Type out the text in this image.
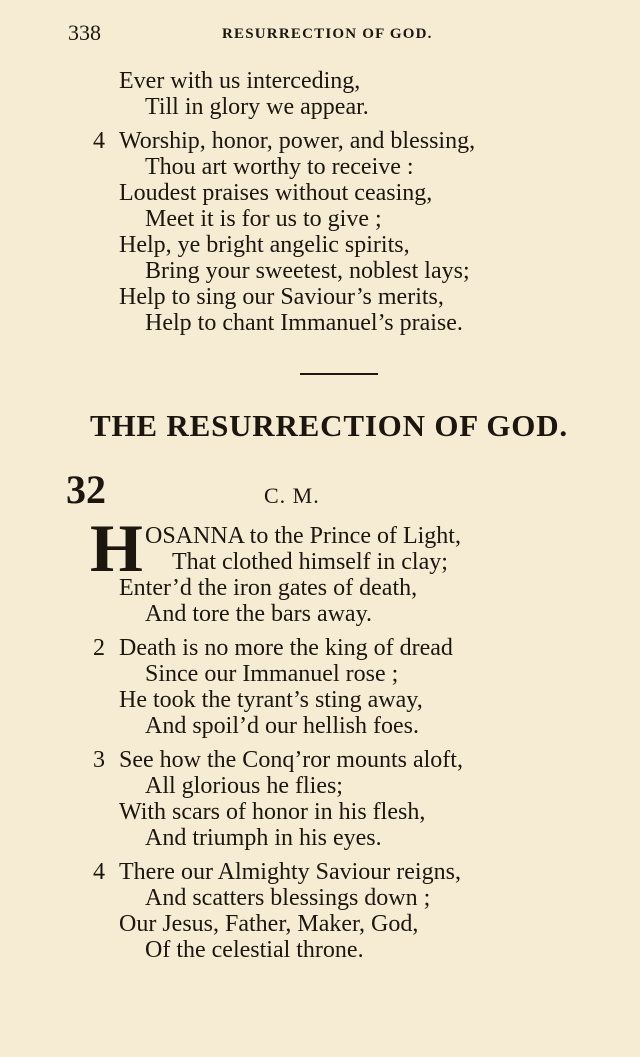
338	RESURRECTION OF GOD.
Ever with us interceding,
Till in glory we appear.
4 Worship, honor, power, and blessing,
Thou art worthy to receive :
Loudest praises without ceasing,
Meet it is for us to give ;
Help, ye bright angelic spirits,
Bring your sweetest, noblest lays;
Help to sing our Saviour’s merits,
Help to chant Immanuel’s praise.
THE RESURRECTION OF GOD.
32	C. M.
H OSANNA to the Prince of Light,
That clothed himself in clay;
Enter’d the iron gates of death,
And tore the bars away.
2 Death is no more the king of dread
Since our Immanuel rose ;
He took the tyrant’s sting away,
And spoil’d our hellish foes.
3 See how the Conq’ror mounts aloft,
All glorious he flies;
With scars of honor in his flesh,
And triumph in his eyes.
4 There our Almighty Saviour reigns,
And scatters blessings down ;
Our Jesus, Father, Maker, God,
Of the celestial throne.
